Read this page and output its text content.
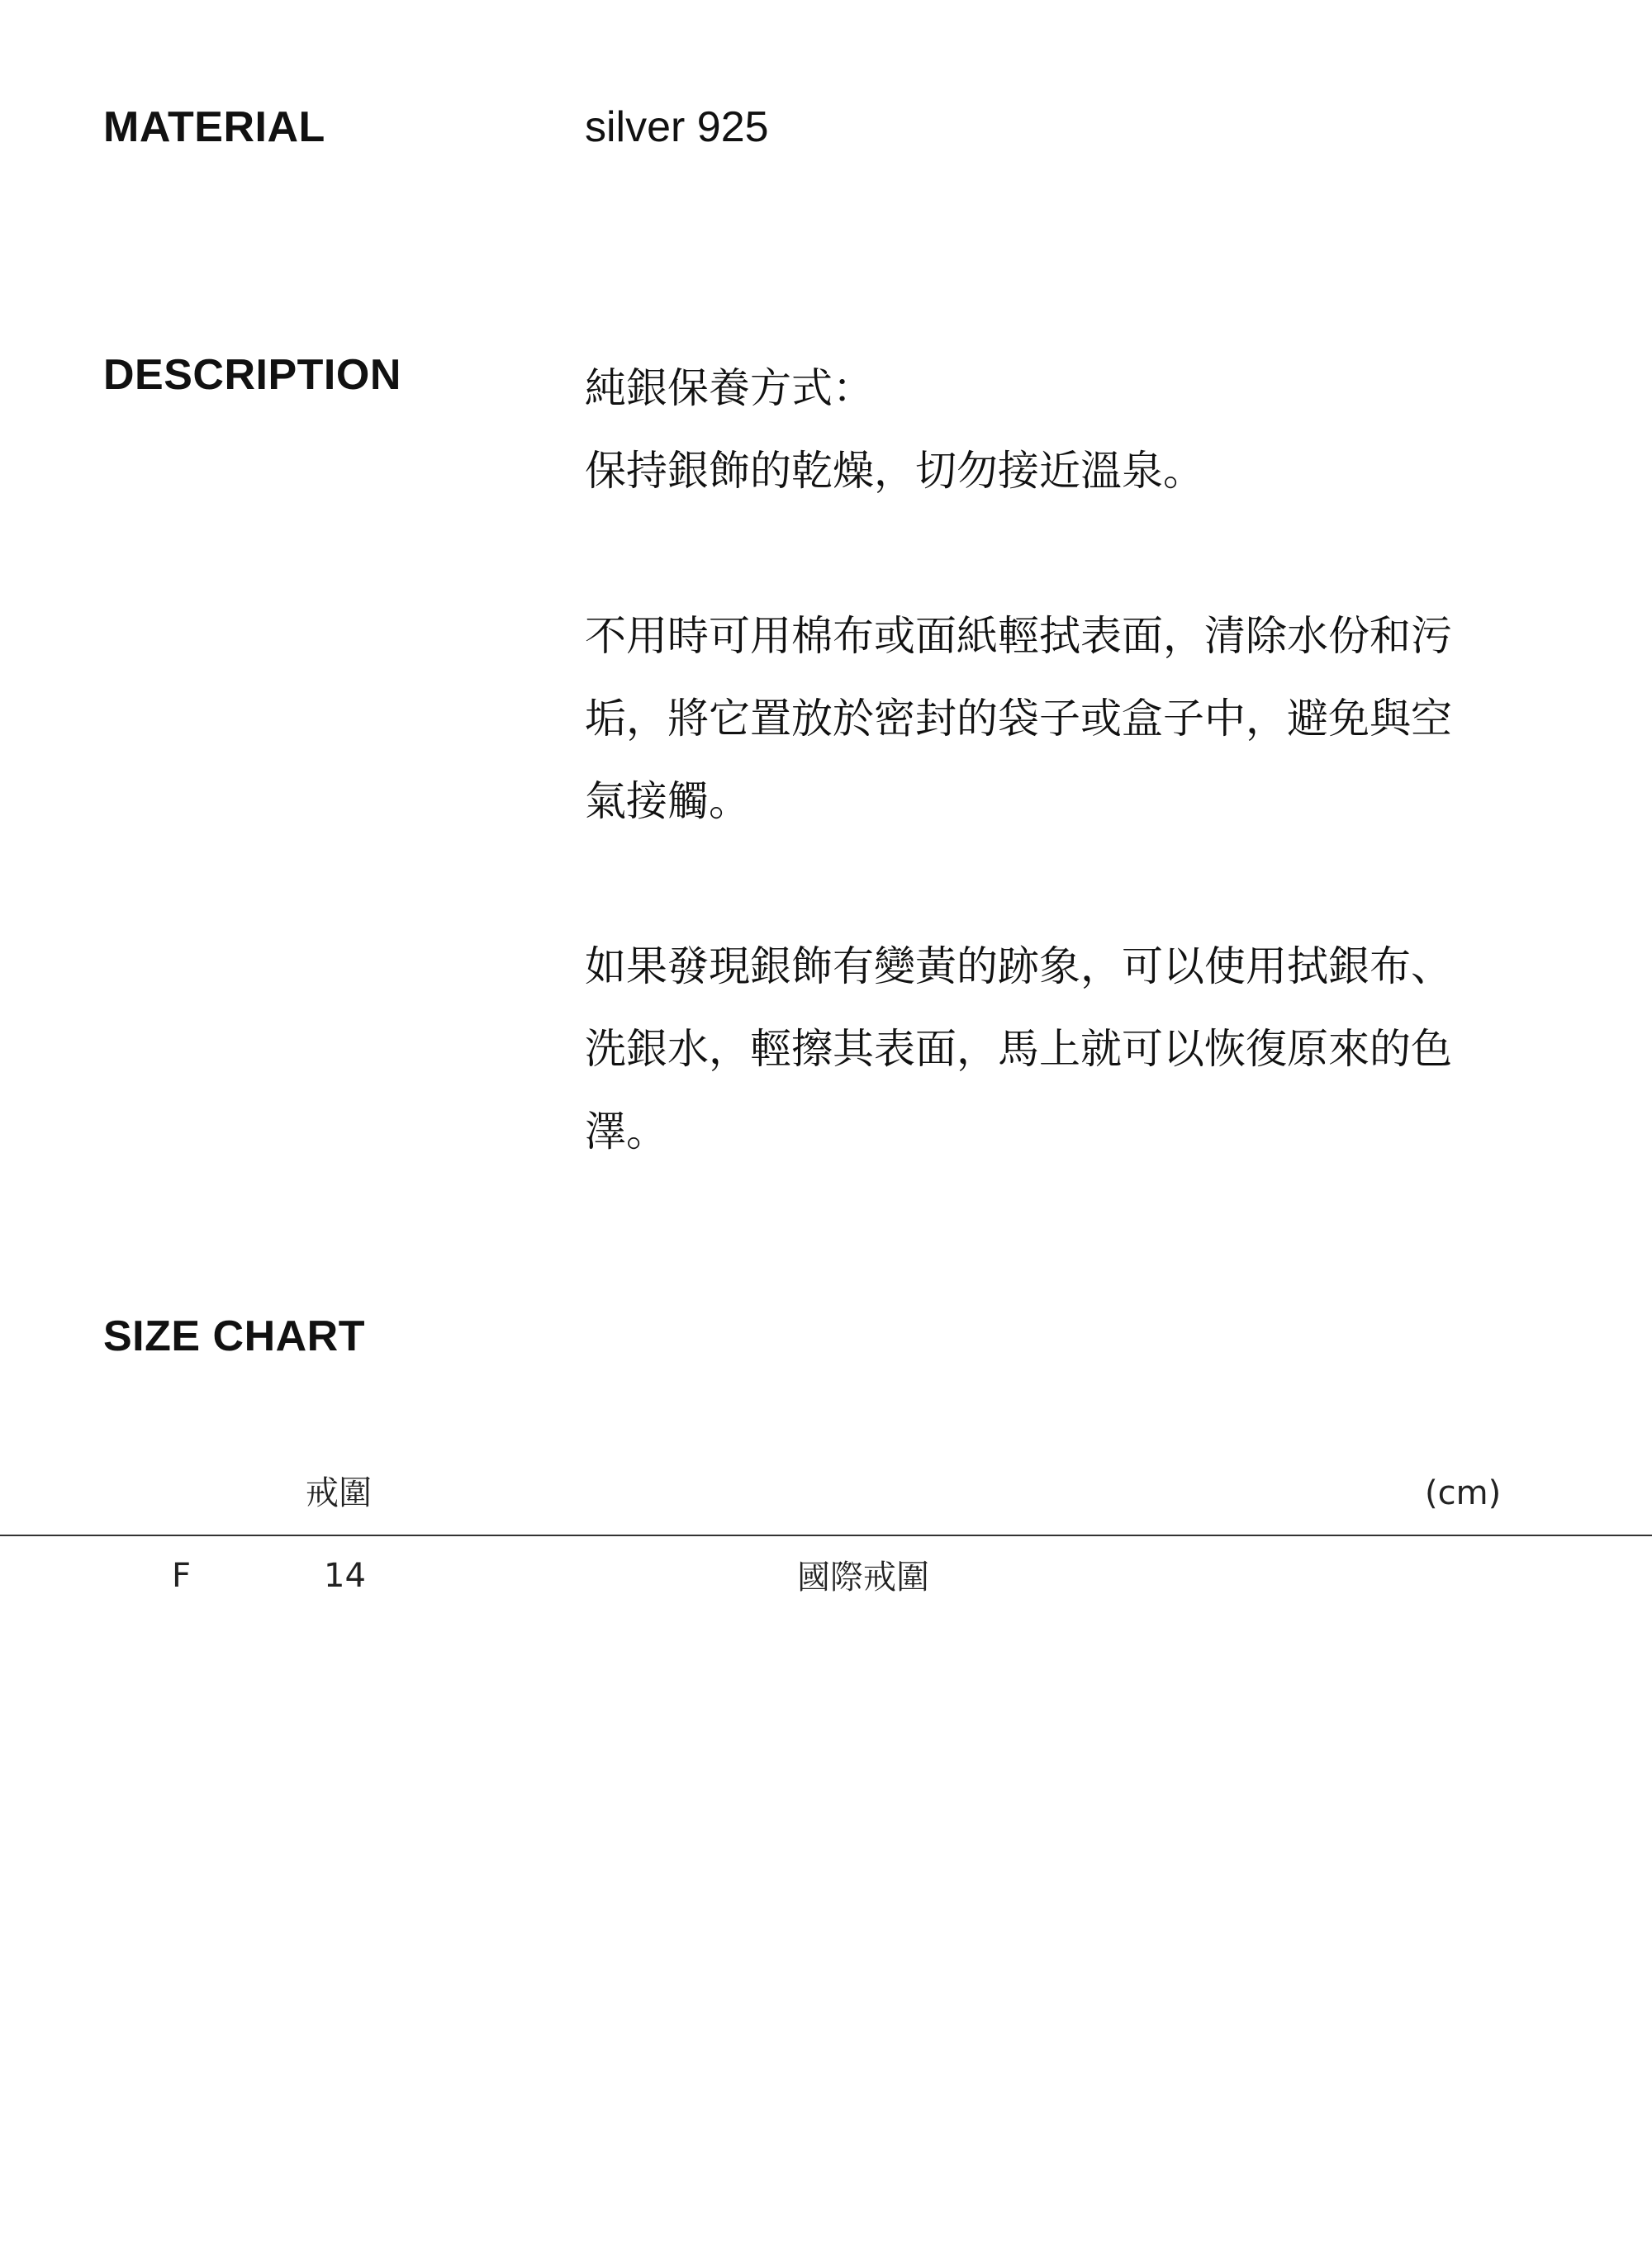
MATERIAL	silver 925
DESCRIPTION	純銀保養方式：
保持銀飾的乾燥，切勿接近溫泉。
不用時可用棉布或面紙輕拭表面，清除水份和污
垢，將它置放於密封的袋子或盒子中，避免與空
氣接觸。
如果發現銀飾有變黃的跡象，可以使用拭銀布、
洗銀水，輕擦其表面，馬上就可以恢復原來的色
澤。
SIZE CHART
戒圍	(cm)
F	14	國際戒圍
